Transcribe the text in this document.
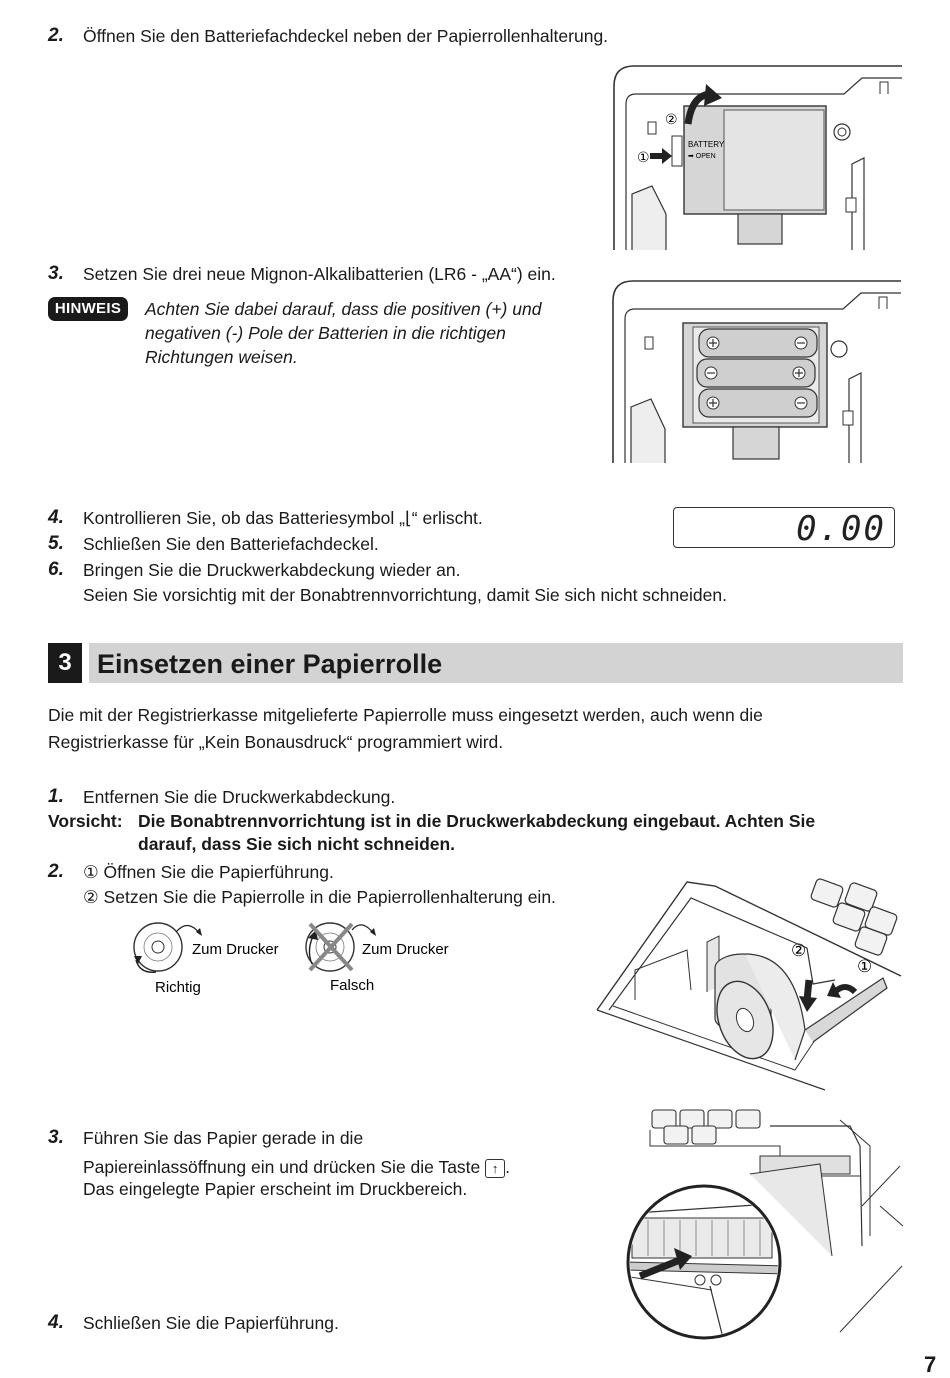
2. Öffnen Sie den Batteriefachdeckel neben der Papierrollenhalterung.
①
②
BATTERY
➡ OPEN
3. Setzen Sie drei neue Mignon-Alkalibatterien (LR6 - „AA“) ein.
HINWEIS	Achten Sie dabei darauf, dass die positiven (+) und
negativen (-) Pole der Batterien in die richtigen
Richtungen weisen.
4. Kontrollieren Sie, ob das Batteriesymbol „⌊“ erlischt.
5. Schließen Sie den Batteriefachdeckel.
6. Bringen Sie die Druckwerkabdeckung wieder an.
Seien Sie vorsichtig mit der Bonabtrennvorrichtung, damit Sie sich nicht schneiden.
0.00
3 Einsetzen einer Papierrolle
Die mit der Registrierkasse mitgelieferte Papierrolle muss eingesetzt werden, auch wenn die
Registrierkasse für „Kein Bonausdruck“ programmiert wird.
1. Entfernen Sie die Druckwerkabdeckung.
Vorsicht: Die Bonabtrennvorrichtung ist in die Druckwerkabdeckung eingebaut. Achten Sie
darauf, dass Sie sich nicht schneiden.
2. ① Öffnen Sie die Papierführung.
② Setzen Sie die Papierrolle in die Papierrollenhalterung ein.
Zum Drucker
Richtig
Zum Drucker
Falsch
①
②
3. Führen Sie das Papier gerade in die
Papiereinlassöffnung ein und drücken Sie die Taste ↑ .
Das eingelegte Papier erscheint im Druckbereich.
4. Schließen Sie die Papierführung.
7
